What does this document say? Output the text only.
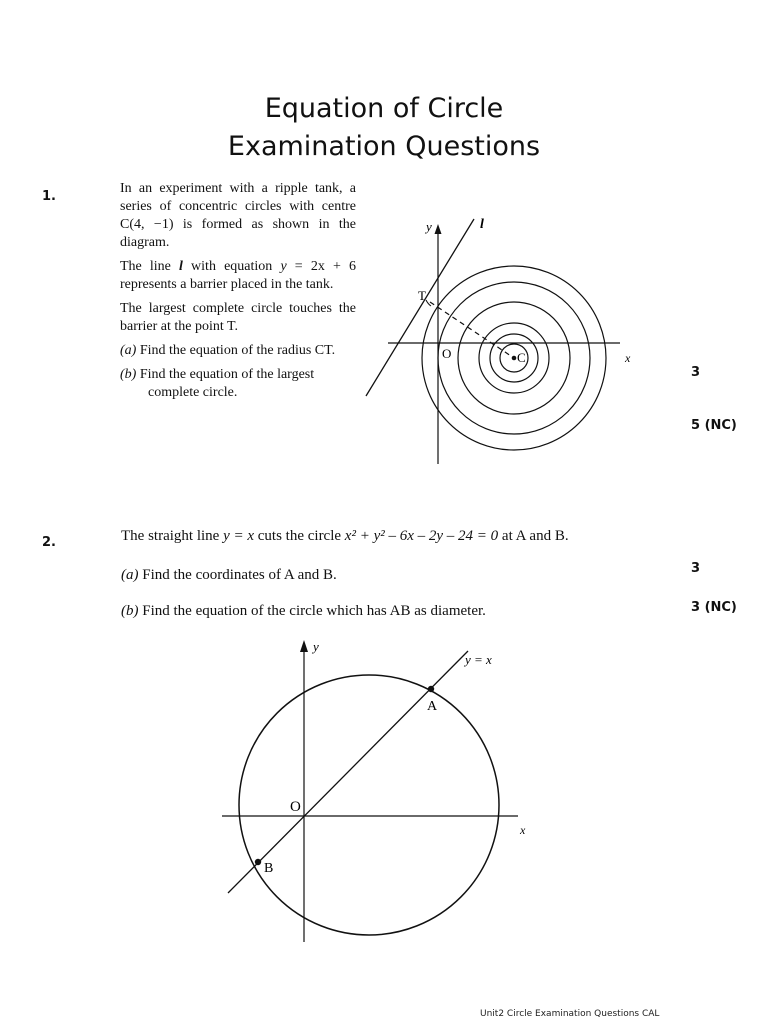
Equation of Circle
Examination Questions
1.

In an experiment with a ripple tank, a series of concentric circles with centre C(4, −1) is formed as shown in the diagram.

The line l with equation y = 2x + 6 represents a barrier placed in the tank.

The largest complete circle touches the barrier at the point T.

(a) Find the equation of the radius CT.
(b) Find the equation of the largest complete circle.
3
5 (NC)
y	l
T
O	C	x
2.	The straight line y = x cuts the circle x² + y² – 6x – 2y – 24 = 0 at A and B.
(a) Find the coordinates of A and B.
(b) Find the equation of the circle which has AB as diameter.
3
3 (NC)
y
y = x
A
O
B
x
Unit2 Circle Examination Questions CAL
